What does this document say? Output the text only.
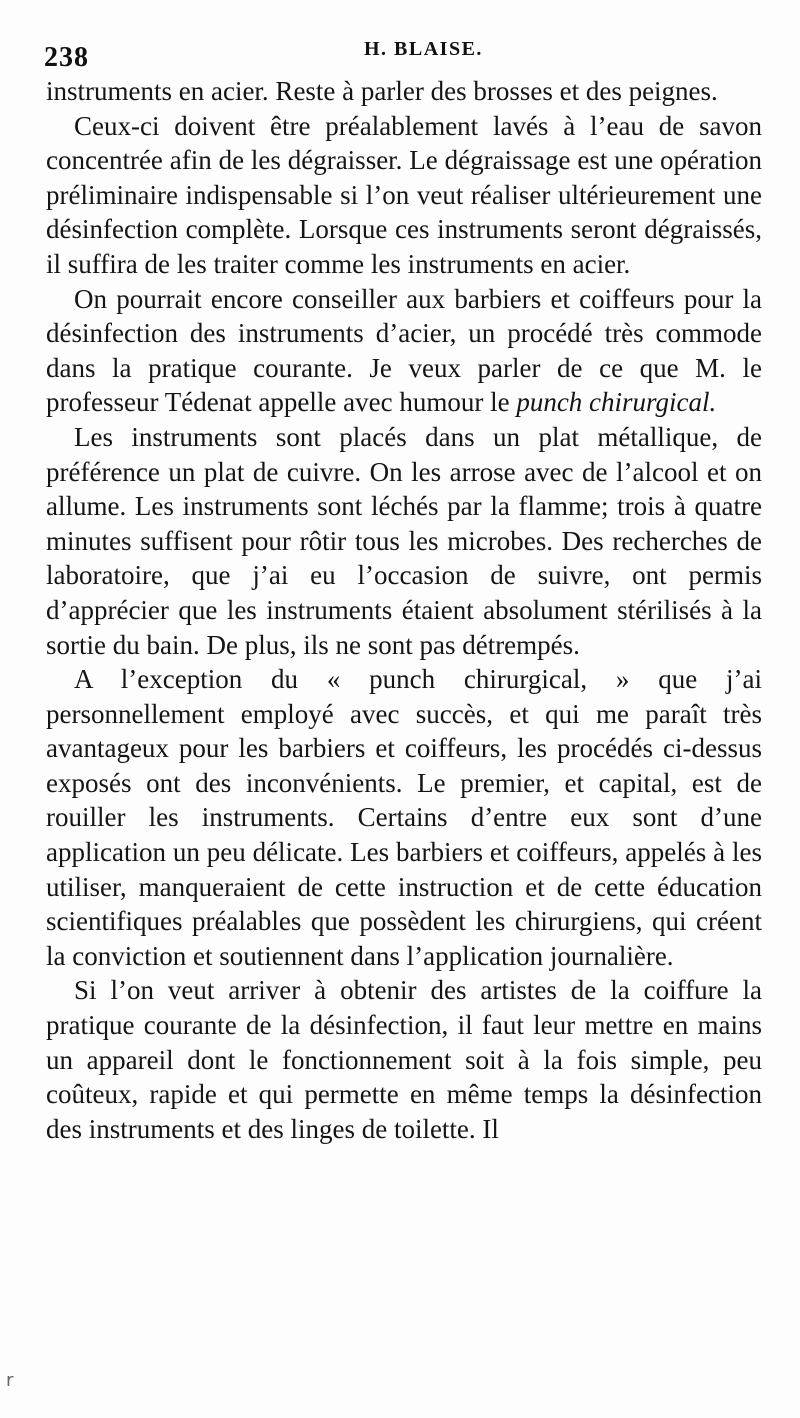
238	H. BLAISE.

instruments en acier. Reste à parler des brosses et des peignes.

Ceux-ci doivent être préalablement lavés à l’eau de savon concentrée afin de les dégraisser. Le dégraissage est une opération préliminaire indispensable si l’on veut réaliser ultérieurement une désinfection complète. Lorsque ces instruments seront dégraissés, il suffira de les traiter comme les instruments en acier.

On pourrait encore conseiller aux barbiers et coiffeurs pour la désinfection des instruments d’acier, un procédé très commode dans la pratique courante. Je veux parler de ce que M. le professeur Tédenat appelle avec humour le punch chirurgical.

Les instruments sont placés dans un plat métallique, de préférence un plat de cuivre. On les arrose avec de l’alcool et on allume. Les instruments sont léchés par la flamme; trois à quatre minutes suffisent pour rôtir tous les microbes. Des recherches de laboratoire, que j’ai eu l’occasion de suivre, ont permis d’apprécier que les instruments étaient absolument stérilisés à la sortie du bain. De plus, ils ne sont pas détrempés.

A l’exception du « punch chirurgical, » que j’ai personnellement employé avec succès, et qui me paraît très avantageux pour les barbiers et coiffeurs, les procédés ci-dessus exposés ont des inconvénients. Le premier, et capital, est de rouiller les instruments. Certains d’entre eux sont d’une application un peu délicate. Les barbiers et coiffeurs, appelés à les utiliser, manqueraient de cette instruction et de cette éducation scientifiques préalables que possèdent les chirurgiens, qui créent la conviction et soutiennent dans l’application journalière.

Si l’on veut arriver à obtenir des artistes de la coiffure la pratique courante de la désinfection, il faut leur mettre en mains un appareil dont le fonctionnement soit à la fois simple, peu coûteux, rapide et qui permette en même temps la désinfection des instruments et des linges de toilette. Il

r
